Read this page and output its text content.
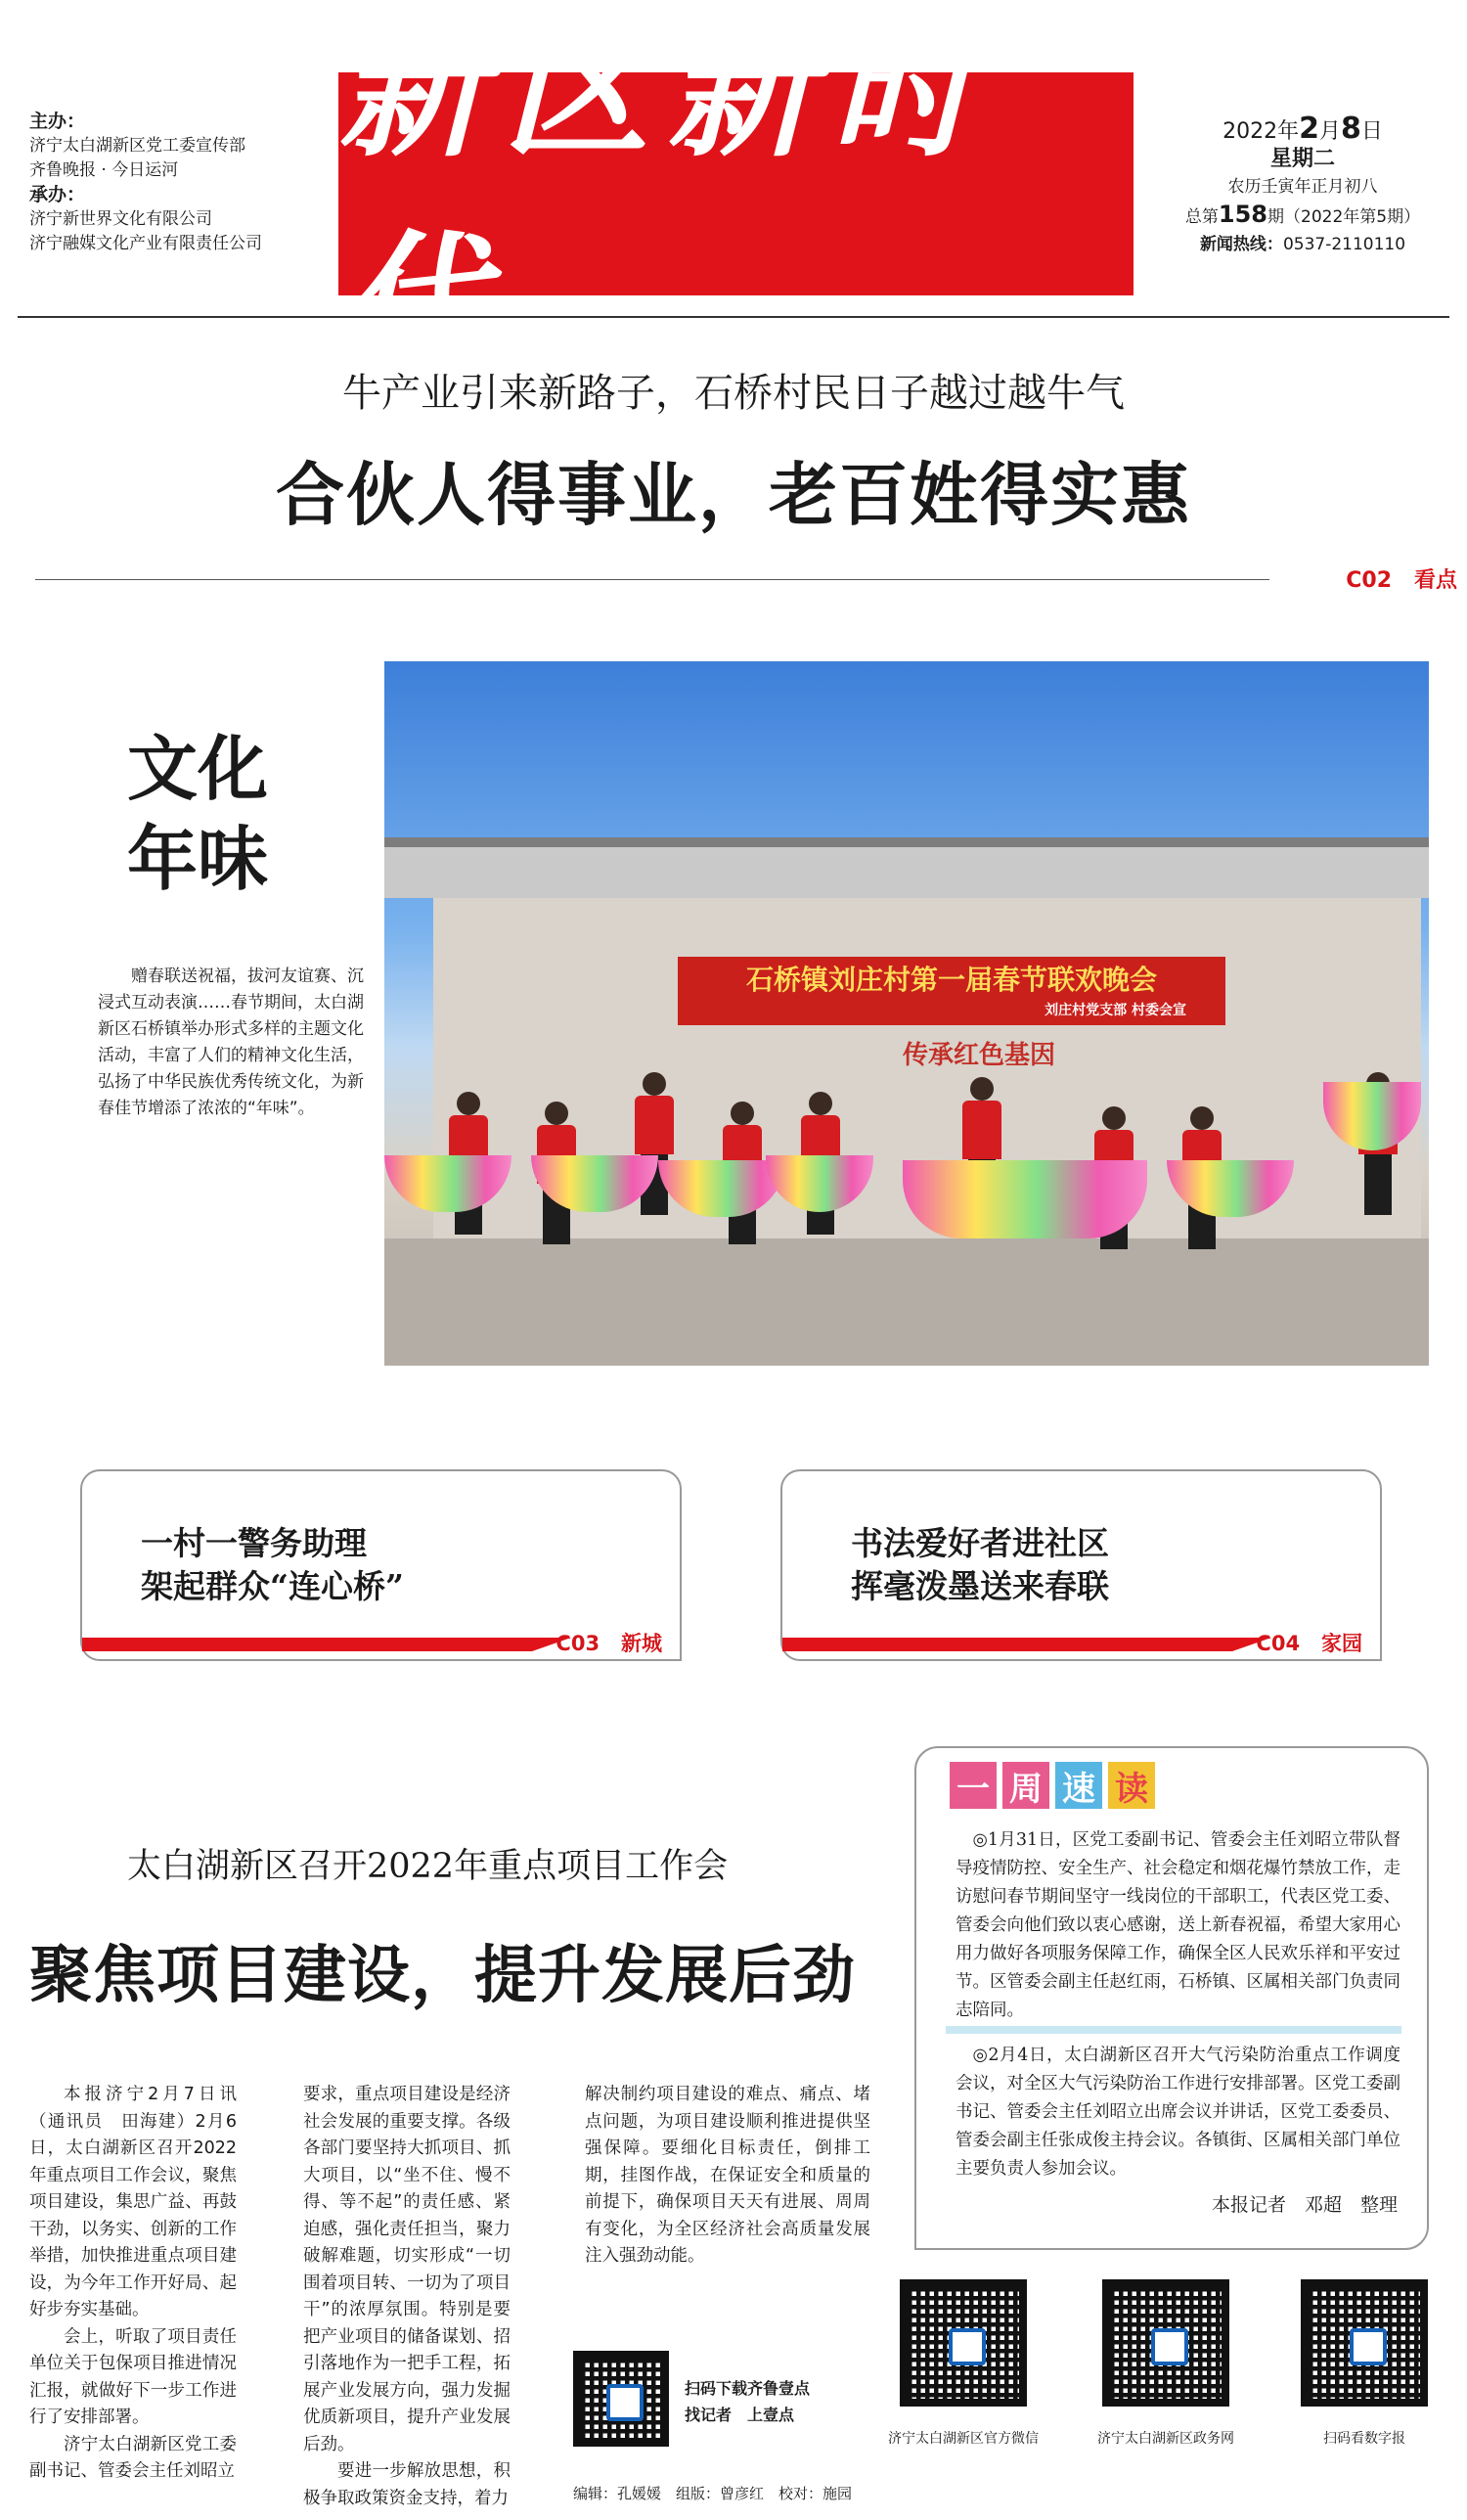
主办：
济宁太白湖新区党工委宣传部
齐鲁晚报 · 今日运河
承办：
济宁新世界文化有限公司
济宁融媒文化产业有限责任公司
新区新时代
2022年2月8日
星期二
农历壬寅年正月初八
总第158期（2022年第5期）
新闻热线：0537-2110110
牛产业引来新路子，石桥村民日子越过越牛气
合伙人得事业，老百姓得实惠
C02 看点
文化
年味
赠春联送祝福，拔河友谊赛、沉浸式互动表演……春节期间，太白湖新区石桥镇举办形式多样的主题文化活动，丰富了人们的精神文化生活，弘扬了中华民族优秀传统文化，为新春佳节增添了浓浓的“年味”。
石桥镇刘庄村第一届春节联欢晚会
刘庄村党支部 村委会宣
传承红色基因
一村一警务助理
架起群众“连心桥”
C03 新城
书法爱好者进社区
挥毫泼墨送来春联
C04 家园
一 周 速 读
◎1月31日，区党工委副书记、管委会主任刘昭立带队督导疫情防控、安全生产、社会稳定和烟花爆竹禁放工作，走访慰问春节期间坚守一线岗位的干部职工，代表区党工委、管委会向他们致以衷心感谢，送上新春祝福，希望大家用心用力做好各项服务保障工作，确保全区人民欢乐祥和平安过节。区管委会副主任赵红雨，石桥镇、区属相关部门负责同志陪同。
◎2月4日，太白湖新区召开大气污染防治重点工作调度会议，对全区大气污染防治工作进行安排部署。区党工委副书记、管委会主任刘昭立出席会议并讲话，区党工委委员、管委会副主任张成俊主持会议。各镇街、区属相关部门单位主要负责人参加会议。
本报记者　邓超　整理
太白湖新区召开2022年重点项目工作会
聚焦项目建设，提升发展后劲

本报济宁2月7日讯（通讯员　田海建）2月6日，太白湖新区召开2022年重点项目工作会议，聚焦项目建设，集思广益、再鼓干劲，以务实、创新的工作举措，加快推进重点项目建设，为今年工作开好局、起好步夯实基础。

会上，听取了项目责任单位关于包保项目推进情况汇报，就做好下一步工作进行了安排部署。

济宁太白湖新区党工委副书记、管委会主任刘昭立

要求，重点项目建设是经济社会发展的重要支撑。各级各部门要坚持大抓项目、抓大项目，以“坐不住、慢不得、等不起”的责任感、紧迫感，强化责任担当，聚力破解难题，切实形成“一切围着项目转、一切为了项目干”的浓厚氛围。特别是要把产业项目的储备谋划、招引落地作为一把手工程，拓展产业发展方向，强力发掘优质新项目，提升产业发展后劲。

要进一步解放思想，积极争取政策资金支持，着力

解决制约项目建设的难点、痛点、堵点问题，为项目建设顺利推进提供坚强保障。要细化目标责任，倒排工期，挂图作战，在保证安全和质量的前提下，确保项目天天有进展、周周有变化，为全区经济社会高质量发展注入强劲动能。
扫码下载齐鲁壹点
找记者　上壹点
编辑：孔媛媛　组版：曾彦红　校对：施园
济宁太白湖新区官方微信	济宁太白湖新区政务网	扫码看数字报
